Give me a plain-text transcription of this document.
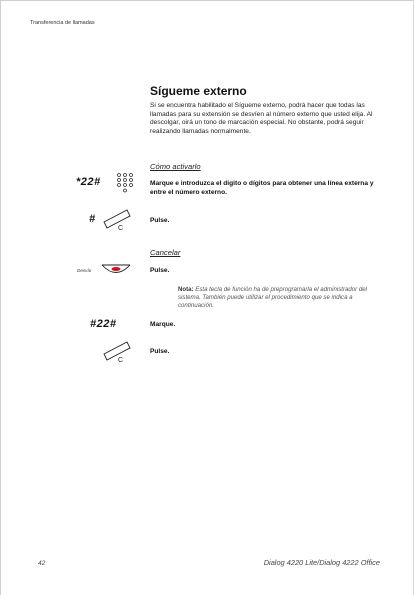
Transferencia de llamadas
Sígueme externo
Si se encuentra habilitado el Sígueme externo, podrá hacer que todas las llamadas para su extensión se desvíen al número externo que usted elija. Al descolgar, oirá un tono de marcación especial. No obstante, podrá seguir realizando llamadas normalmente.
Cómo activarlo
*22#	Marque e introduzca el dígito o dígitos para obtener una línea externa y entre el número externo.
#
C
Pulse.
Cancelar
Desvío	Pulse.
Nota: Esta tecla de función ha de preprogramarla el administrador del sistema. También puede utilizar el procedimiento que se indica a continuación.
#22#	Marque.
C
Pulse.
42	Dialog 4220 Lite/Dialog 4222 Office
